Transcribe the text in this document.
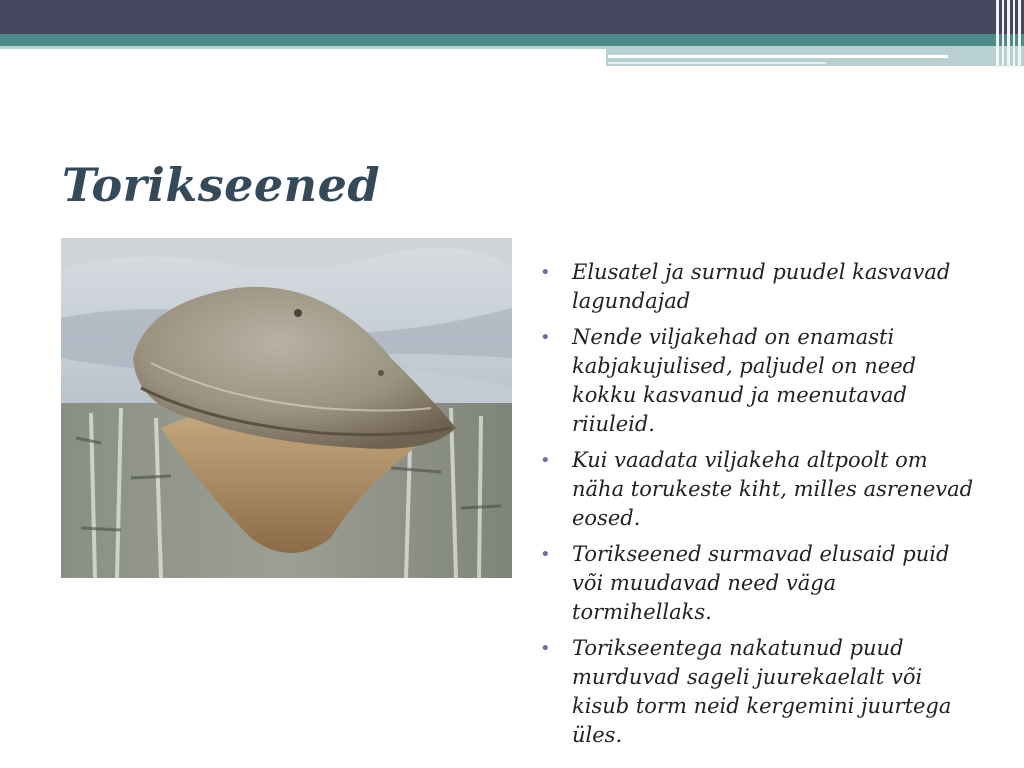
Torikseened
• Elusatel ja surnud puudel kasvavad lagundajad
• Nende viljakehad on enamasti kabjakujulised, paljudel on need kokku kasvanud ja meenutavad riiuleid.
• Kui vaadata viljakeha altpoolt om näha torukeste kiht, milles asrenevad eosed.
• Torikseened surmavad elusaid puid või muudavad need väga tormihellaks.
• Torikseentega nakatunud puud murduvad sageli juurekaelalt või kisub torm neid kergemini juurtega üles.
